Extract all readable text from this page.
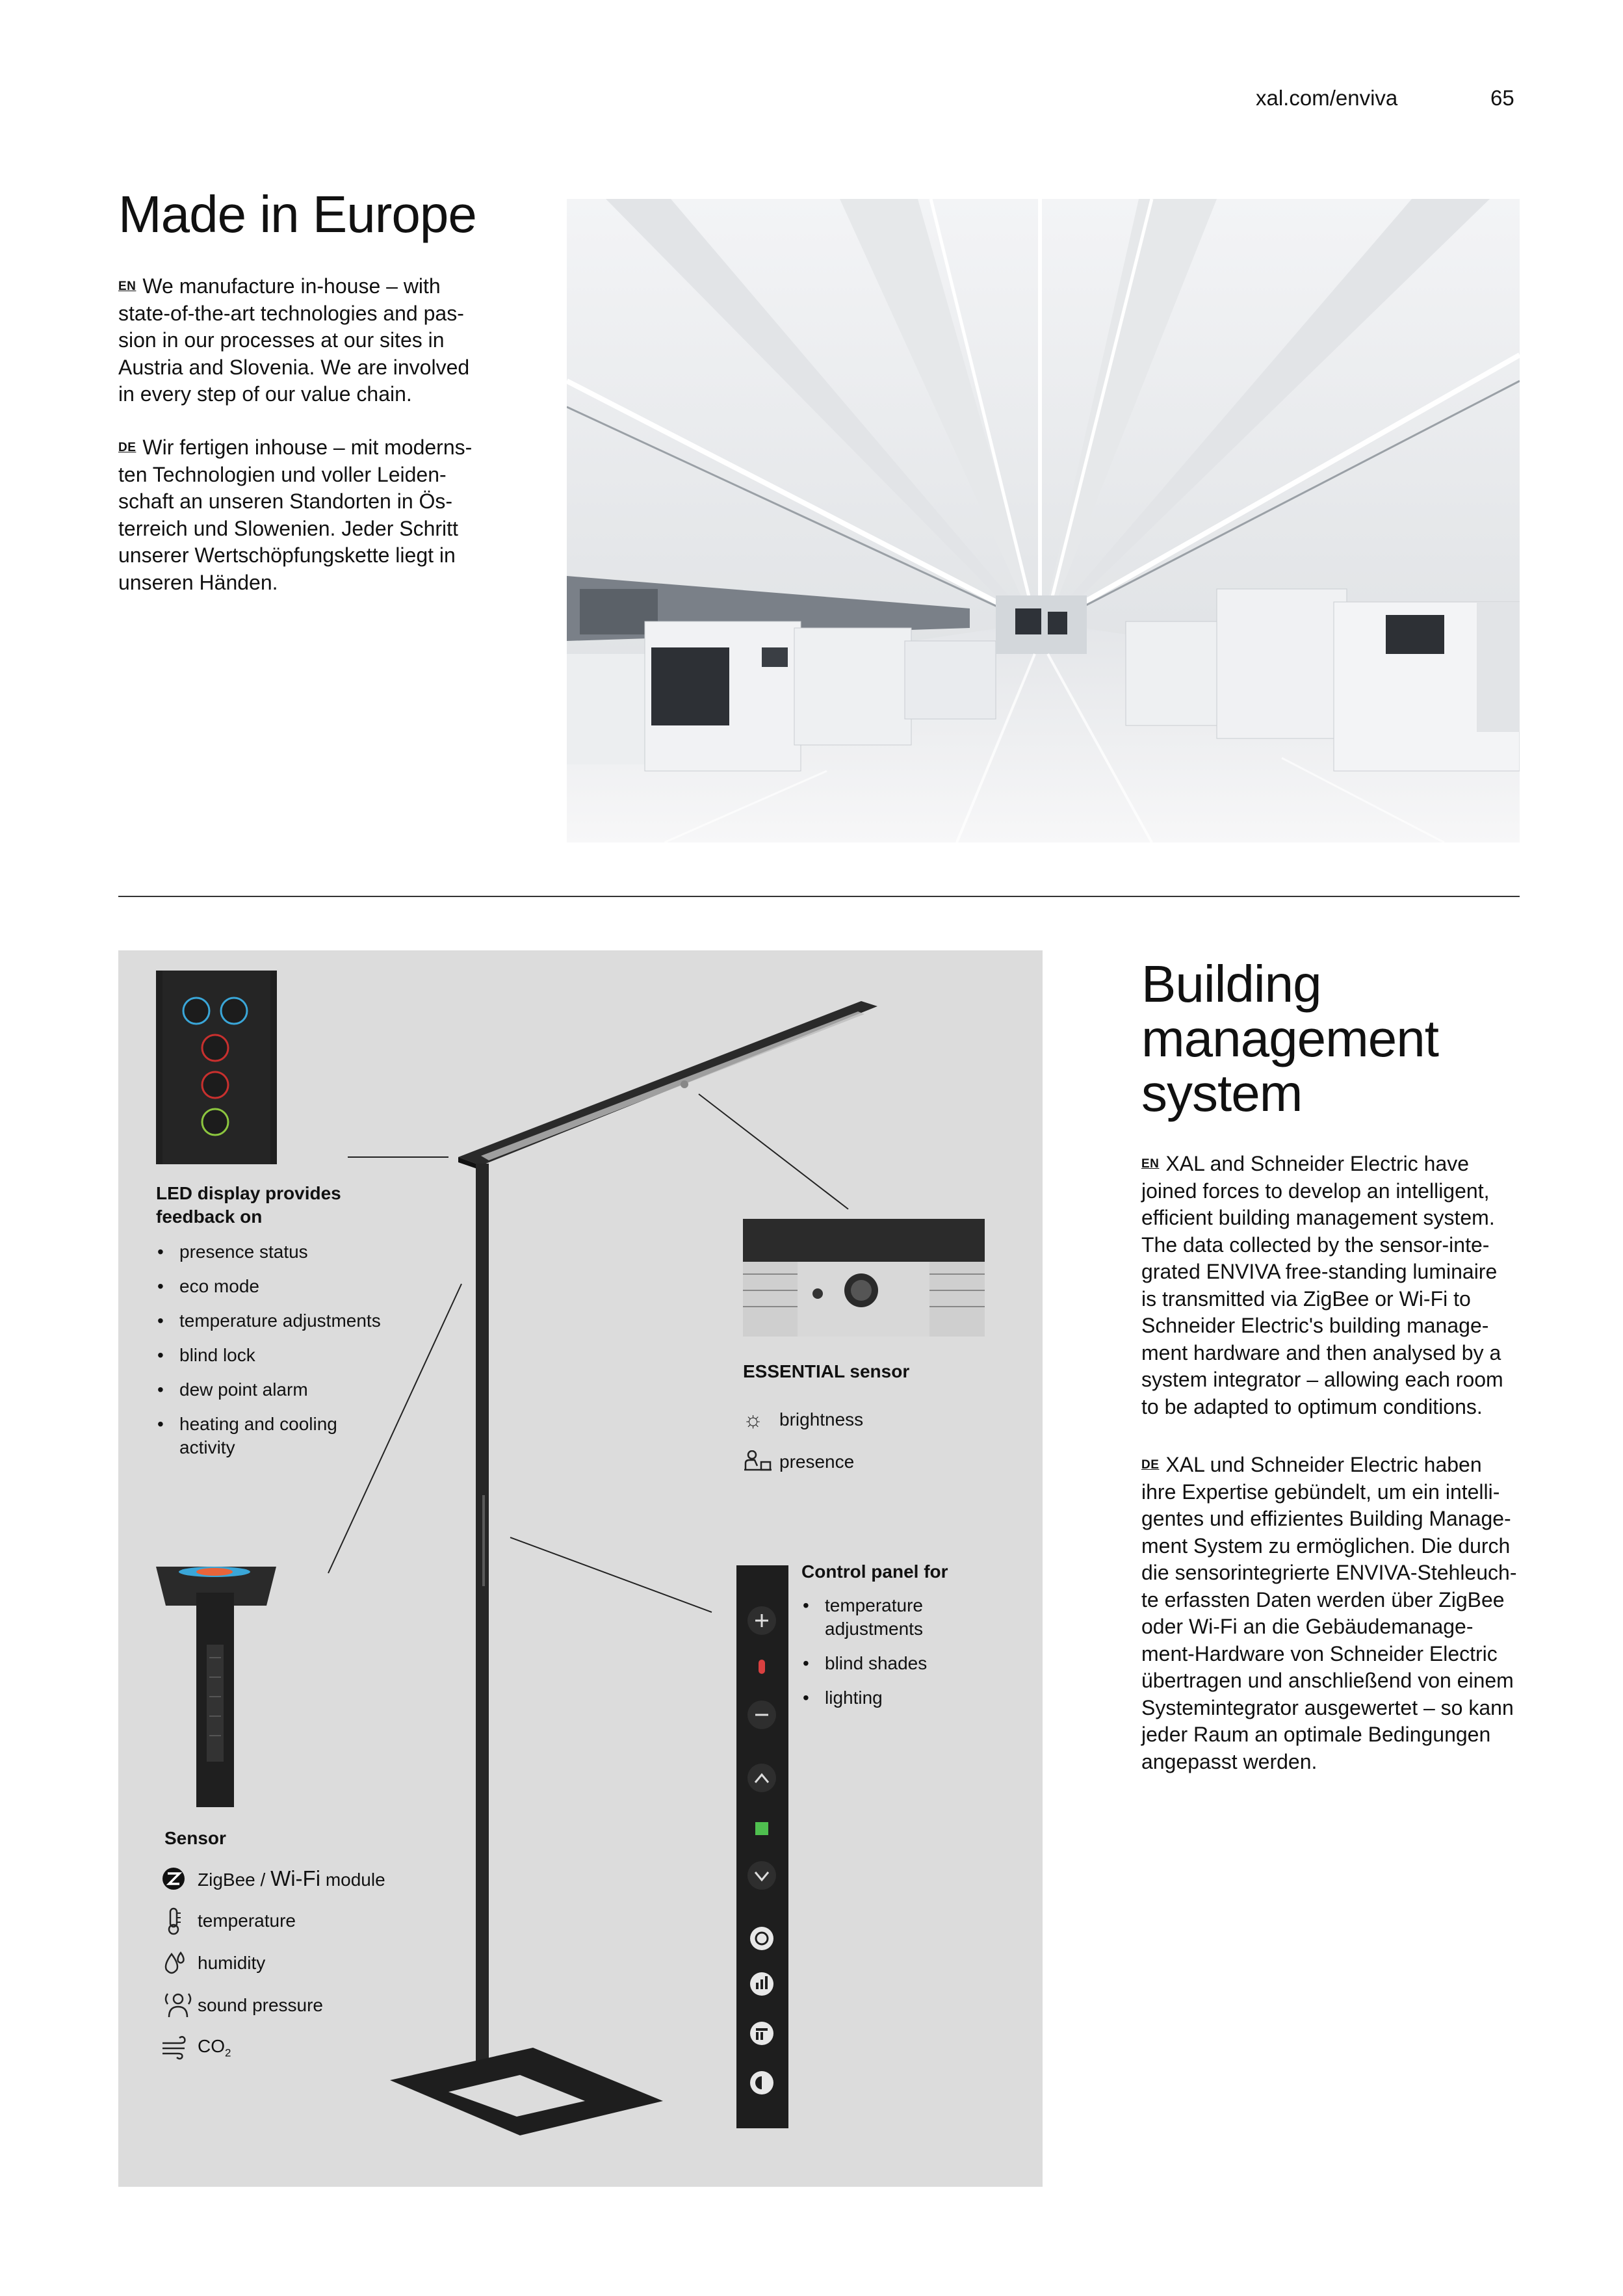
xal.com/enviva	65
Made in Europe
EN We manufacture in-house – with
state-of-the-art technologies and pas-
sion in our processes at our sites in
Austria and Slovenia. We are involved
in every step of our value chain.
DE Wir fertigen inhouse – mit moderns-
ten Technologien und voller Leiden-
schaft an unseren Standorten in Ös-
terreich und Slowenien. Jeder Schritt
unserer Wertschöpfungskette liegt in
unseren Händen.
LED display provides
feedback on
• presence status
• eco mode
• temperature adjustments
• blind lock
• dew point alarm
• heating and cooling
activity
ESSENTIAL sensor
☼ brightness
presence
Control panel for
• temperature
adjustments
• blind shades
• lighting
Sensor
ZigBee / Wi-Fi module
temperature
humidity
sound pressure
$CO_2$
Building
management
system
EN XAL and Schneider Electric have
joined forces to develop an intelligent,
efficient building management system.
The data collected by the sensor-inte-
grated ENVIVA free-standing luminaire
is transmitted via ZigBee or Wi-Fi to
Schneider Electric's building manage-
ment hardware and then analysed by a
system integrator – allowing each room
to be adapted to optimum conditions.
DE XAL und Schneider Electric haben
ihre Expertise gebündelt, um ein intelli-
gentes und effizientes Building Manage-
ment System zu ermöglichen. Die durch
die sensorintegrierte ENVIVA-Stehleuch-
te erfassten Daten werden über ZigBee
oder Wi-Fi an die Gebäudemanage-
ment-Hardware von Schneider Electric
übertragen und anschließend von einem
Systemintegrator ausgewertet – so kann
jeder Raum an optimale Bedingungen
angepasst werden.
